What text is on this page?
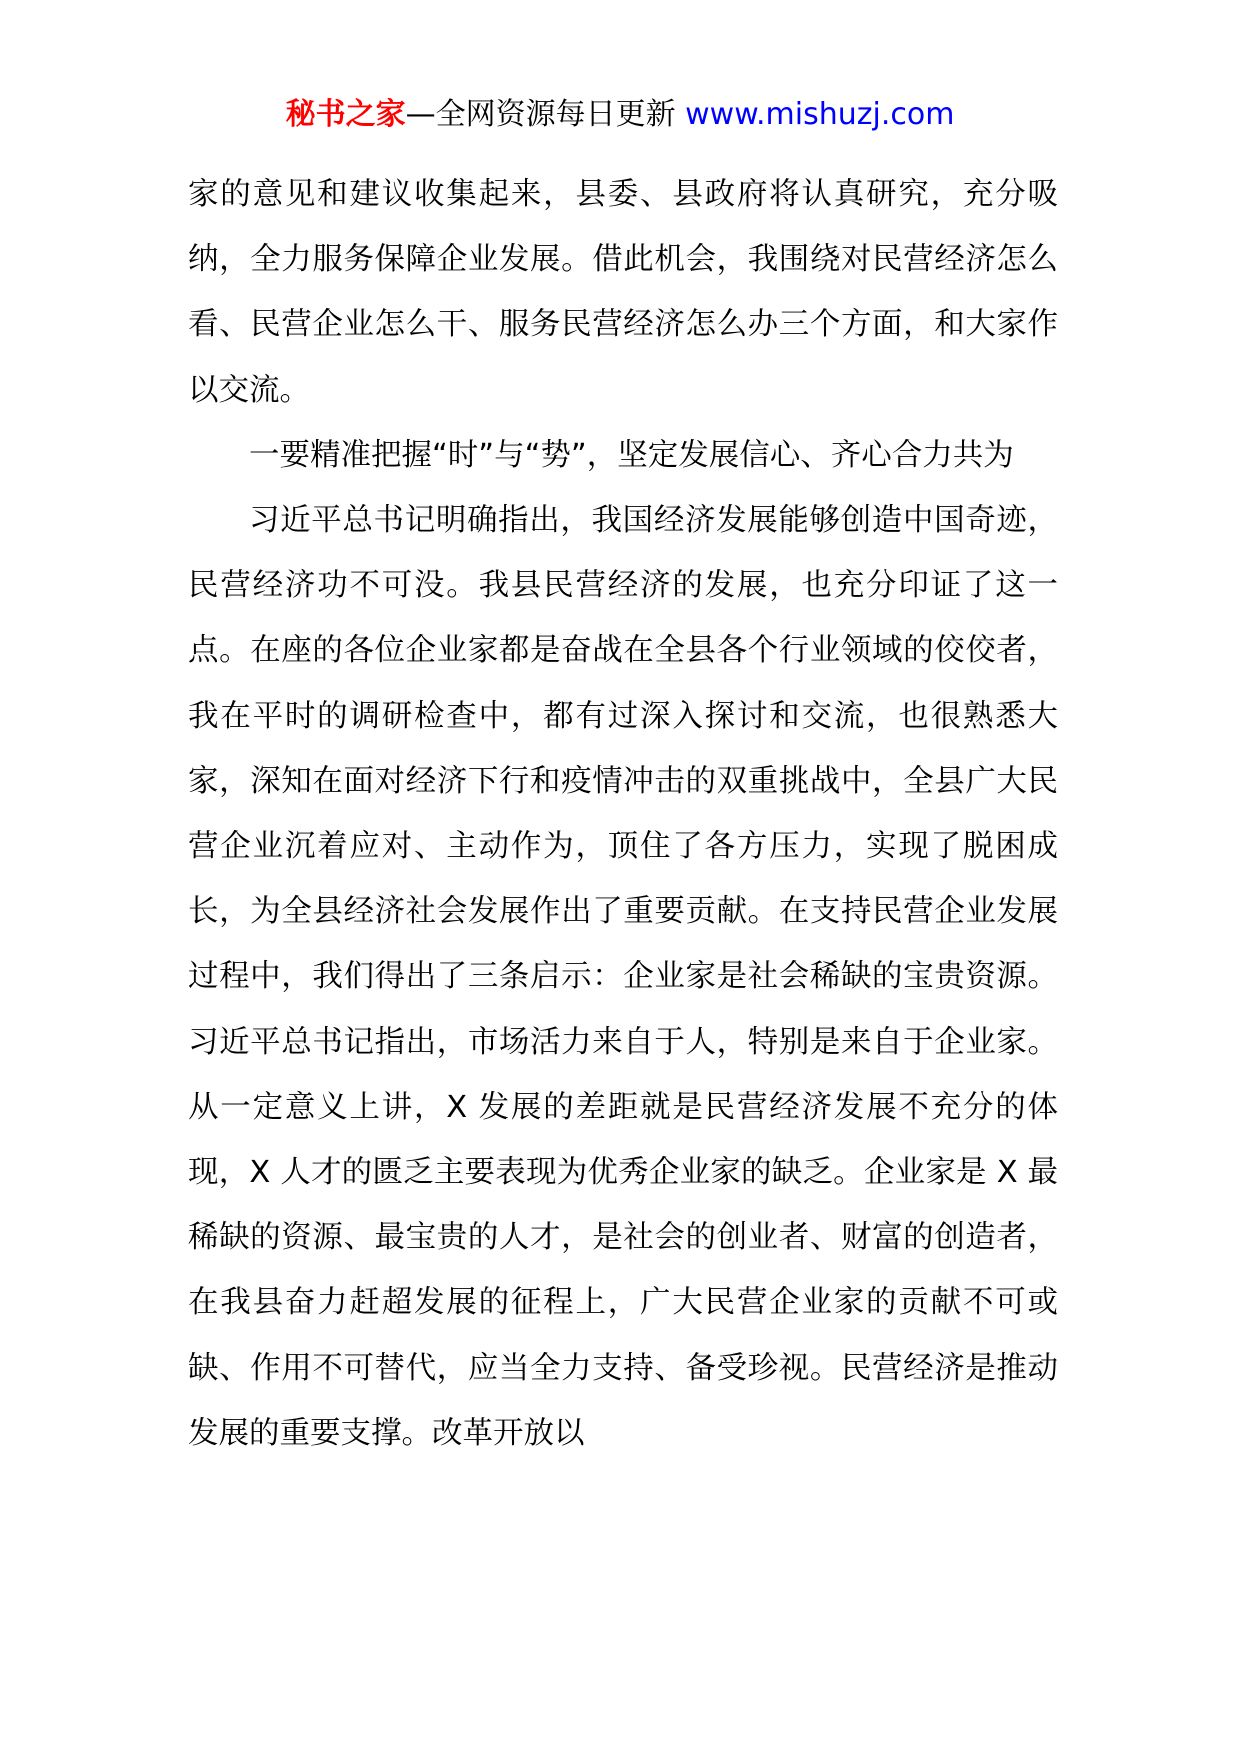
秘书之家—全网资源每日更新 www.mishuzj.com

家的意见和建议收集起来，县委、县政府将认真研究，充分吸纳，全力服务保障企业发展。借此机会，我围绕对民营经济怎么看、民营企业怎么干、服务民营经济怎么办三个方面，和大家作以交流。

一要精准把握“时”与“势”，坚定发展信心、齐心合力共为

习近平总书记明确指出，我国经济发展能够创造中国奇迹，民营经济功不可没。我县民营经济的发展，也充分印证了这一点。在座的各位企业家都是奋战在全县各个行业领域的佼佼者，我在平时的调研检查中，都有过深入探讨和交流，也很熟悉大家，深知在面对经济下行和疫情冲击的双重挑战中，全县广大民营企业沉着应对、主动作为，顶住了各方压力，实现了脱困成长，为全县经济社会发展作出了重要贡献。在支持民营企业发展过程中，我们得出了三条启示：企业家是社会稀缺的宝贵资源。习近平总书记指出，市场活力来自于人，特别是来自于企业家。从一定意义上讲，X 发展的差距就是民营经济发展不充分的体现，X 人才的匮乏主要表现为优秀企业家的缺乏。企业家是 X 最稀缺的资源、最宝贵的人才，是社会的创业者、财富的创造者，在我县奋力赶超发展的征程上，广大民营企业家的贡献不可或缺、作用不可替代，应当全力支持、备受珍视。民营经济是推动发展的重要支撑。改革开放以
